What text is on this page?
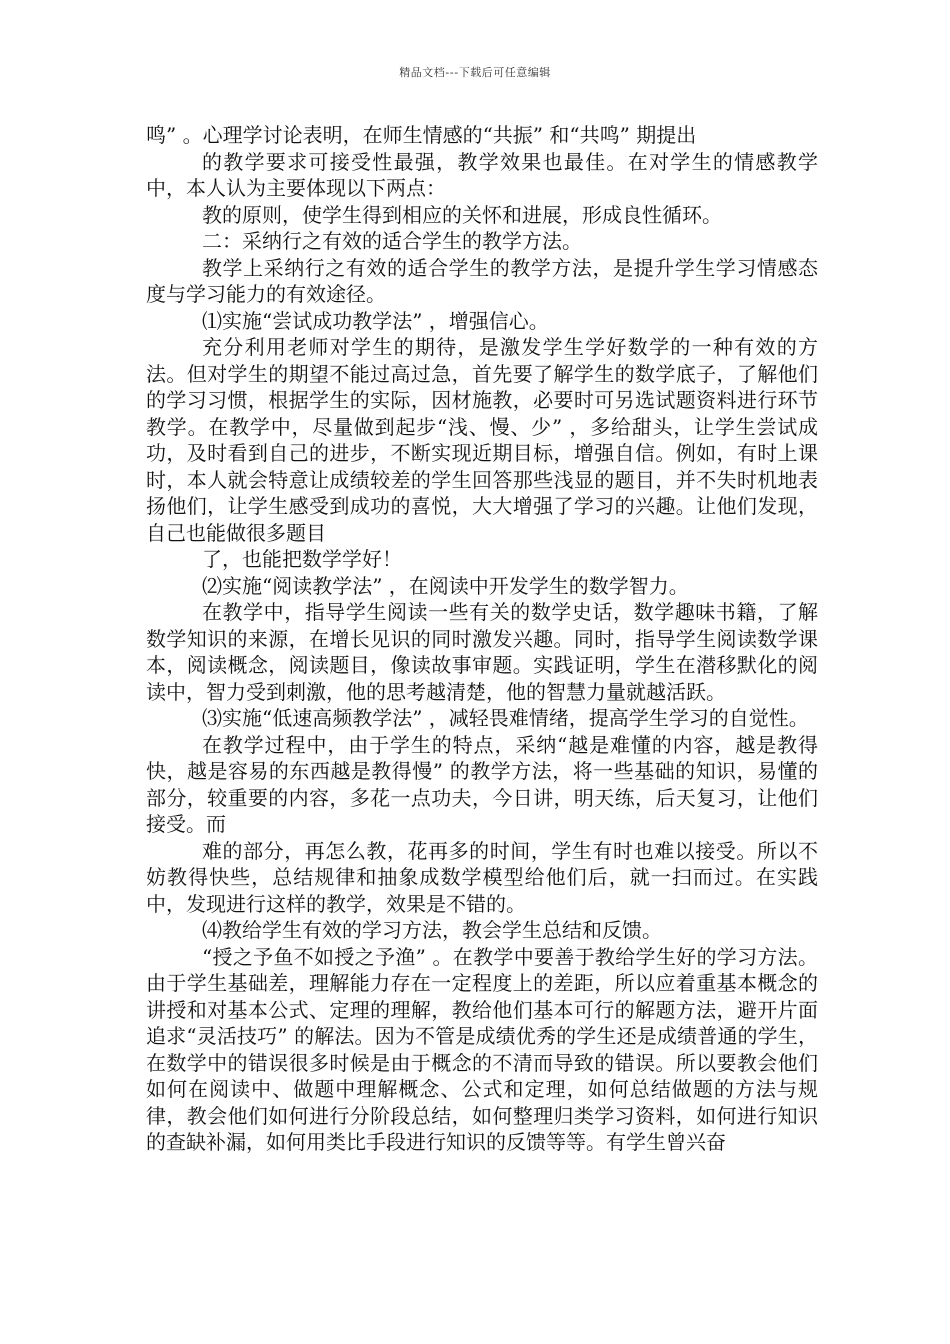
精品文档---下载后可任意编辑

鸣” 。心理学讨论表明，在师生情感的“共振” 和“共鸣” 期提出

的教学要求可接受性最强，教学效果也最佳。在对学生的情感教学中，本人认为主要体现以下两点：

教的原则，使学生得到相应的关怀和进展，形成良性循环。

二：采纳行之有效的适合学生的教学方法。

教学上采纳行之有效的适合学生的教学方法，是提升学生学习情感态度与学习能力的有效途径。

⑴实施“尝试成功教学法” ，增强信心。

充分利用老师对学生的期待，是激发学生学好数学的一种有效的方法。但对学生的期望不能过高过急，首先要了解学生的数学底子，了解他们的学习习惯，根据学生的实际，因材施教，必要时可另选试题资料进行环节教学。在教学中，尽量做到起步“浅、慢、少” ，多给甜头，让学生尝试成功，及时看到自己的进步，不断实现近期目标，增强自信。例如，有时上课时，本人就会特意让成绩较差的学生回答那些浅显的题目，并不失时机地表扬他们，让学生感受到成功的喜悦，大大增强了学习的兴趣。让他们发现，自己也能做很多题目

了，也能把数学学好！

⑵实施“阅读教学法” ，在阅读中开发学生的数学智力。

在教学中，指导学生阅读一些有关的数学史话，数学趣味书籍，了解数学知识的来源，在增长见识的同时激发兴趣。同时，指导学生阅读数学课本，阅读概念，阅读题目，像读故事审题。实践证明，学生在潜移默化的阅读中，智力受到刺激，他的思考越清楚，他的智慧力量就越活跃。

⑶实施“低速高频教学法” ，减轻畏难情绪，提高学生学习的自觉性。

在教学过程中，由于学生的特点，采纳“越是难懂的内容，越是教得快，越是容易的东西越是教得慢” 的教学方法，将一些基础的知识，易懂的部分，较重要的内容，多花一点功夫，今日讲，明天练，后天复习，让他们接受。而

难的部分，再怎么教，花再多的时间，学生有时也难以接受。所以不妨教得快些，总结规律和抽象成数学模型给他们后，就一扫而过。在实践中，发现进行这样的教学，效果是不错的。

⑷教给学生有效的学习方法，教会学生总结和反馈。

“授之予鱼不如授之予渔” 。在教学中要善于教给学生好的学习方法。由于学生基础差，理解能力存在一定程度上的差距，所以应着重基本概念的讲授和对基本公式、定理的理解，教给他们基本可行的解题方法，避开片面追求“灵活技巧” 的解法。因为不管是成绩优秀的学生还是成绩普通的学生，在数学中的错误很多时候是由于概念的不清而导致的错误。所以要教会他们如何在阅读中、做题中理解概念、公式和定理，如何总结做题的方法与规律，教会他们如何进行分阶段总结，如何整理归类学习资料，如何进行知识的查缺补漏，如何用类比手段进行知识的反馈等等。有学生曾兴奋
